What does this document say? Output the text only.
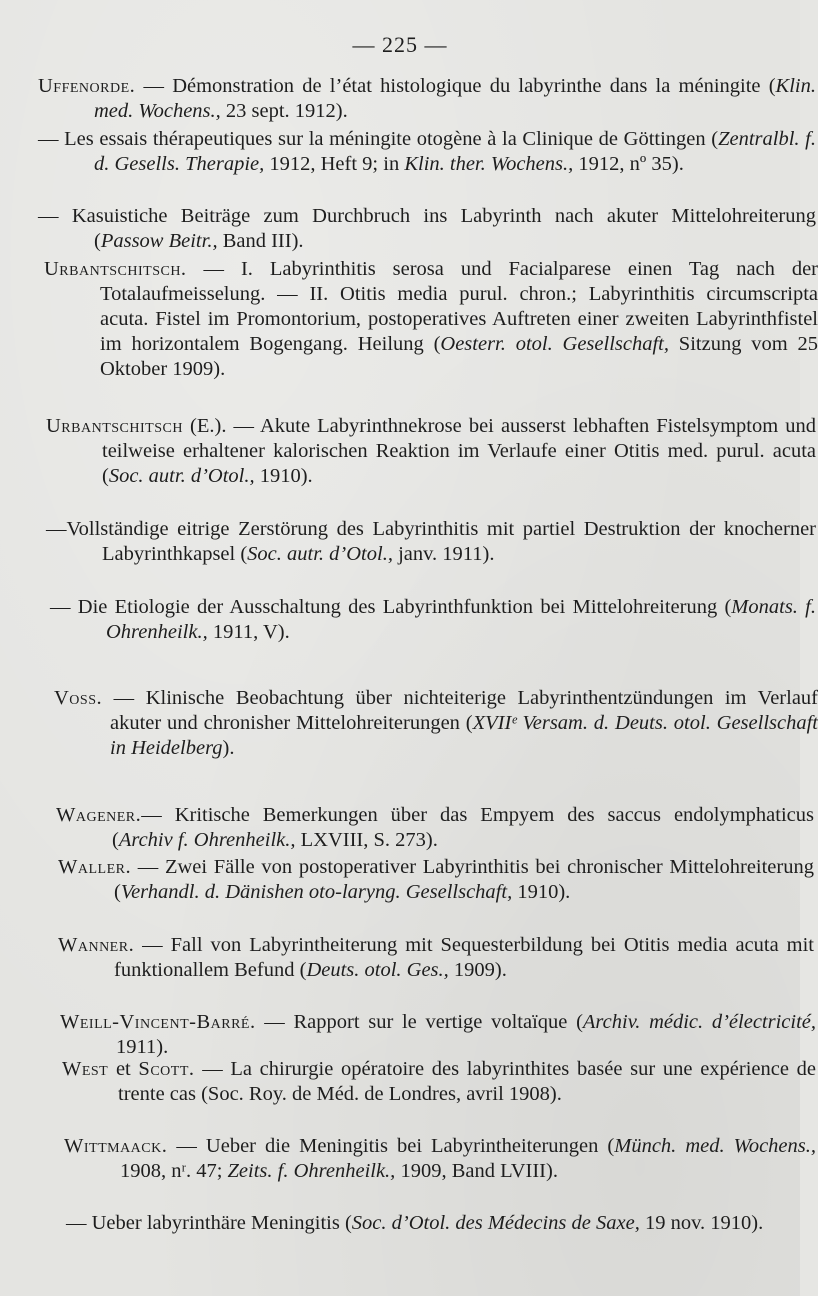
— 225 —

Uffenorde. — Démonstration de l’état histologique du labyrinthe dans la méningite (Klin. med. Wochens., 23 sept. 1912).

— Les essais thérapeutiques sur la méningite otogène à la Clinique de Göttingen (Zentralbl. f. d. Gesells. Therapie, 1912, Heft 9; in Klin. ther. Wochens., 1912, nº 35).

— Kasuistiche Beiträge zum Durchbruch ins Labyrinth nach akuter Mittelohreiterung (Passow Beitr., Band III).

Urbantschitsch. — I. Labyrinthitis serosa und Facialparese einen Tag nach der Totalaufmeisselung. — II. Otitis media purul. chron.; Labyrinthitis circumscripta acuta. Fistel im Promontorium, postoperatives Auftreten einer zweiten Labyrinthfistel im horizontalem Bogengang. Heilung (Oesterr. otol. Gesellschaft, Sitzung vom 25 Oktober 1909).

Urbantschitsch (E.). — Akute Labyrinthnekrose bei ausserst lebhaften Fistelsymptom und teilweise erhaltener kalorischen Reaktion im Verlaufe einer Otitis med. purul. acuta (Soc. autr. d’Otol., 1910).

—Vollständige eitrige Zerstörung des Labyrinthitis mit partiel Destruktion der knocherner Labyrinthkapsel (Soc. autr. d’Otol., janv. 1911).

— Die Etiologie der Ausschaltung des Labyrinthfunktion bei Mittelohreiterung (Monats. f. Ohrenheilk., 1911, V).

Voss. — Klinische Beobachtung über nichteiterige Labyrinthentzündungen im Verlauf akuter und chronisher Mittelohreiterungen (XVIIᵉ Versam. d. Deuts. otol. Gesellschaft in Heidelberg).

Wagener.— Kritische Bemerkungen über das Empyem des saccus endolymphaticus (Archiv f. Ohrenheilk., LXVIII, S. 273).

Waller. — Zwei Fälle von postoperativer Labyrinthitis bei chronischer Mittelohreiterung (Verhandl. d. Dänishen oto-laryng. Gesellschaft, 1910).

Wanner. — Fall von Labyrintheiterung mit Sequesterbildung bei Otitis media acuta mit funktionallem Befund (Deuts. otol. Ges., 1909).

Weill-Vincent-Barré. — Rapport sur le vertige voltaïque (Archiv. médic. d’électricité, 1911).

West et Scott. — La chirurgie opératoire des labyrinthites basée sur une expérience de trente cas (Soc. Roy. de Méd. de Londres, avril 1908).

Wittmaack. — Ueber die Meningitis bei Labyrintheiterungen (Münch. med. Wochens., 1908, nʳ. 47; Zeits. f. Ohrenheilk., 1909, Band LVIII).

— Ueber labyrinthäre Meningitis (Soc. d’Otol. des Médecins de Saxe, 19 nov. 1910).
